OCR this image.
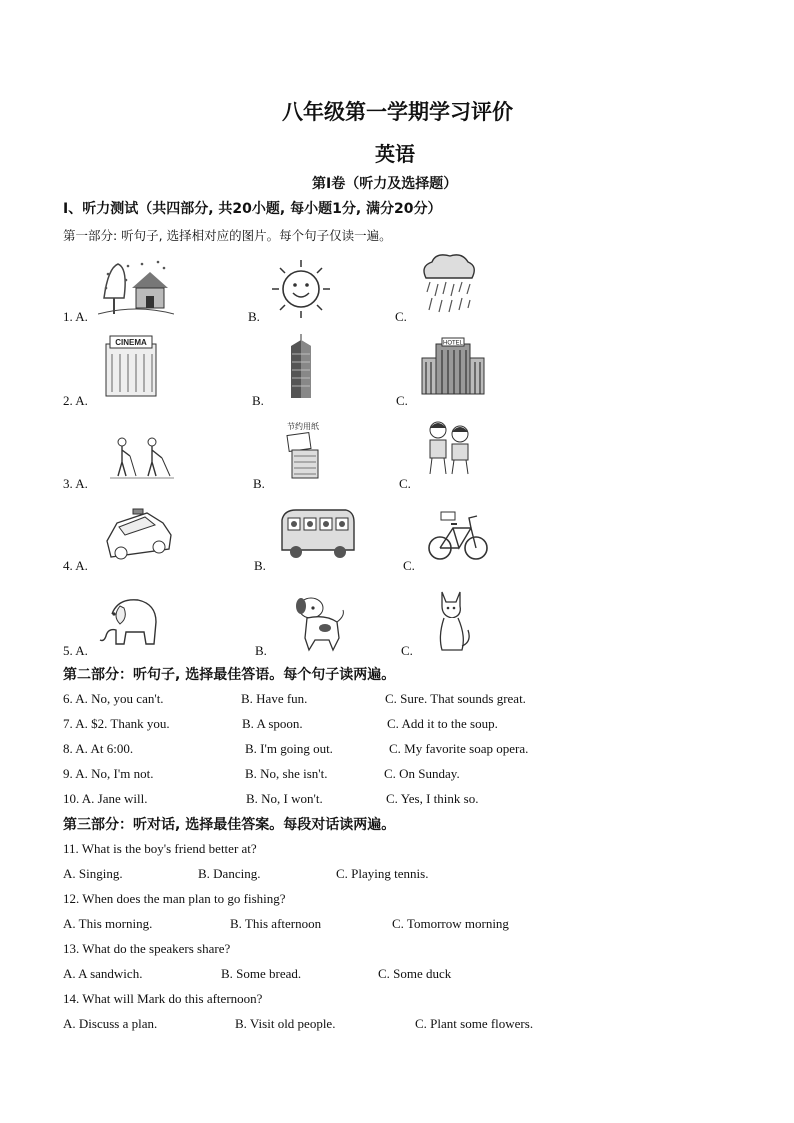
八年级第一学期学习评价
英语
第Ⅰ卷（听力及选择题）
I、听力测试（共四部分, 共20小题, 每小题1分, 满分20分）
第一部分: 听句子, 选择相对应的图片。每个句子仅读一遍。
1. A.	B.	C.
2. A.	B.	C.
3. A.	B.	C.
4. A.	B.	C.
5. A.	B.	C.
CINEMA	HOTEL
节约用纸
第二部分：听句子, 选择最佳答语。每个句子读两遍。
6. A. No, you can't.	B. Have fun.	C. Sure. That sounds great.
7. A. $2. Thank you.	B. A spoon.	C. Add it to the soup.
8. A. At 6:00.	B. I'm going out.	C. My favorite soap opera.
9. A. No, I'm not.	B. No, she isn't.	C. On Sunday.
10. A. Jane will.	B. No, I won't.	C. Yes, I think so.
第三部分：听对话, 选择最佳答案。每段对话读两遍。
11. What is the boy's friend better at?
A. Singing.	B. Dancing.	C. Playing tennis.
12. When does the man plan to go fishing?
A. This morning.	B. This afternoon	C. Tomorrow morning
13. What do the speakers share?
A. A sandwich.	B. Some bread.	C. Some duck
14. What will Mark do this afternoon?
A. Discuss a plan.	B. Visit old people.	C. Plant some flowers.
